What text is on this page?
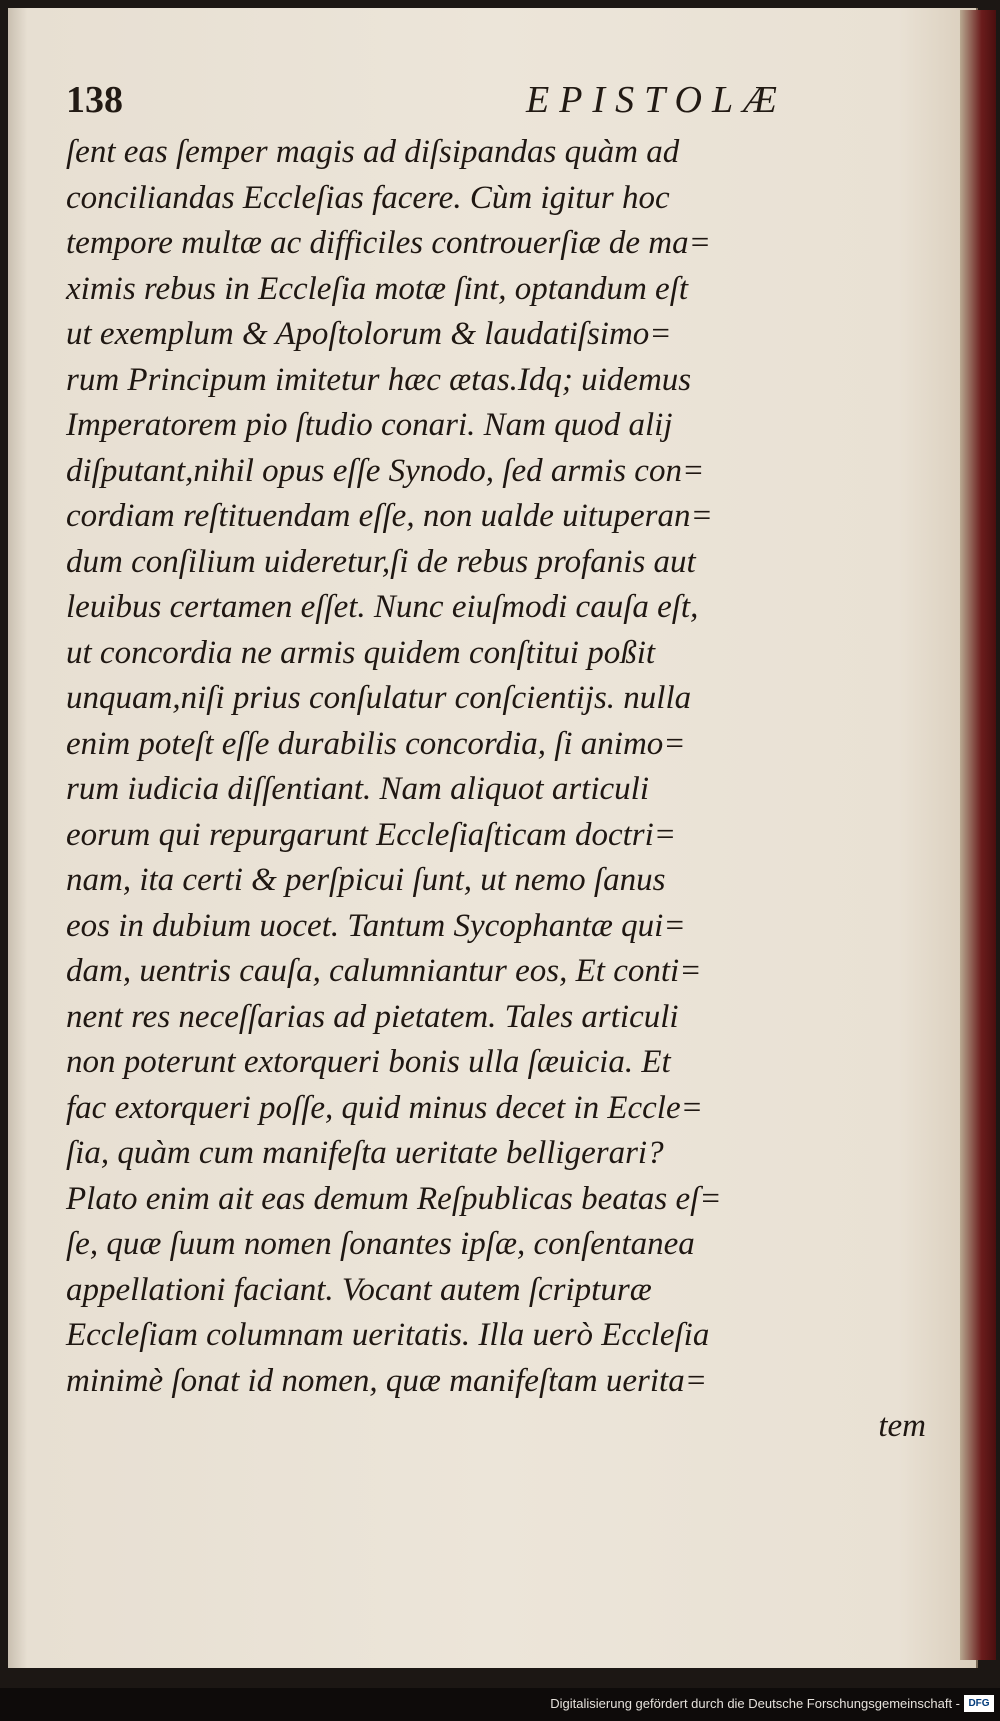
138	EPISTOLÆ
ſent eas ſemper magis ad diſsipandas quàm ad
conciliandas Eccleſias facere. Cùm igitur hoc
tempore multæ ac difficiles controuerſiæ de ma=
ximis rebus in Eccleſia motæ ſint, optandum eſt
ut exemplum & Apoſtolorum & laudatiſsimo=
rum Principum imitetur hæc ætas.Idq; uidemus
Imperatorem pio ſtudio conari. Nam quod alij
diſputant,nihil opus eſſe Synodo, ſed armis con=
cordiam reſtituendam eſſe, non ualde uituperan=
dum conſilium uideretur,ſi de rebus profanis aut
leuibus certamen eſſet. Nunc eiuſmodi cauſa eſt,
ut concordia ne armis quidem conſtitui poßit
unquam,niſi prius conſulatur conſcientijs. nulla
enim poteſt eſſe durabilis concordia, ſi animo=
rum iudicia diſſentiant. Nam aliquot articuli
eorum qui repurgarunt Eccleſiaſticam doctri=
nam, ita certi & perſpicui ſunt, ut nemo ſanus
eos in dubium uocet. Tantum Sycophantæ qui=
dam, uentris cauſa, calumniantur eos, Et conti=
nent res neceſſarias ad pietatem. Tales articuli
non poterunt extorqueri bonis ulla ſæuicia. Et
fac extorqueri poſſe, quid minus decet in Eccle=
ſia, quàm cum manifeſta ueritate belligerari?
Plato enim ait eas demum Reſpublicas beatas eſ=
ſe, quæ ſuum nomen ſonantes ipſæ, conſentanea
appellationi faciant. Vocant autem ſcripturæ
Eccleſiam columnam ueritatis. Illa uerò Eccleſia
minimè ſonat id nomen, quæ manifeſtam uerita=
tem
Digitalisierung gefördert durch die Deutsche Forschungsgemeinschaft - DFG
